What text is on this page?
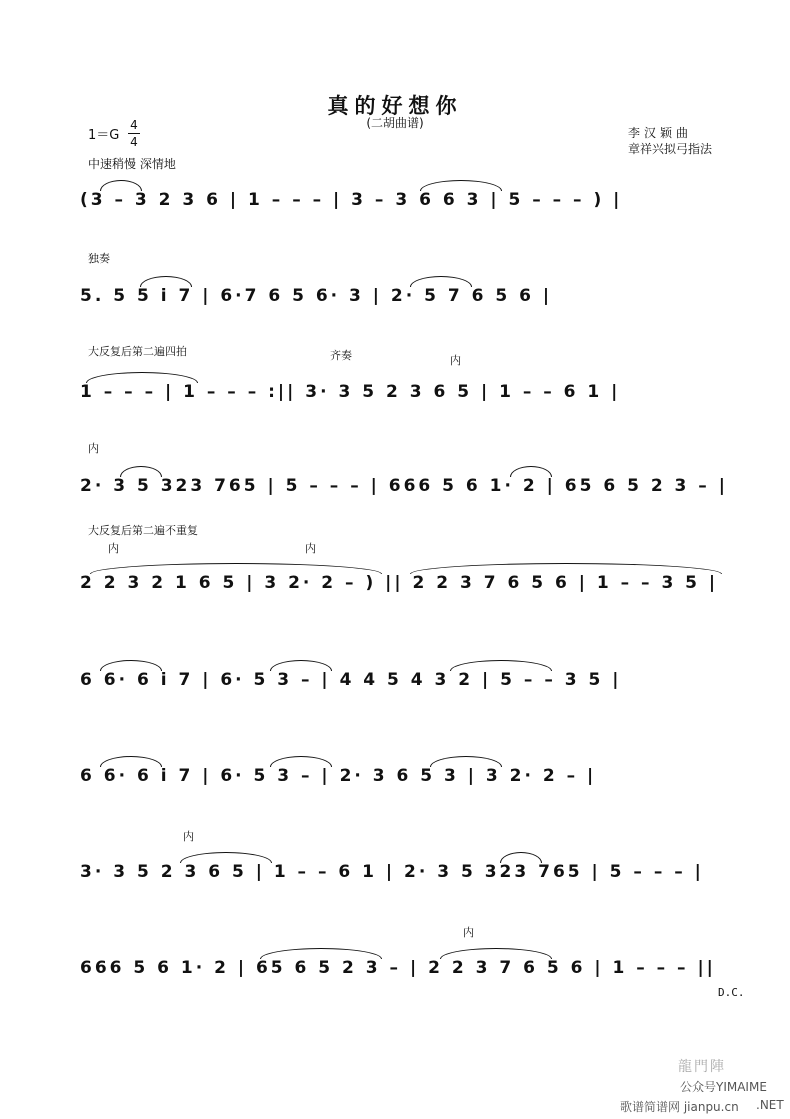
真的好想你
(二胡曲谱)
1＝G
4
4
李汉颖曲
章祥兴拟弓指法
中速稍慢 深情地
独奏
大反复后第二遍四拍	齐奏	内
内
大反复后第二遍不重复
内	内
内
内
(3 – 3 2 3 6 | 1 – – – | 3 – 3 6 6 3 | 5 – – – ) |
5. 5 5 i 7 | 6·7 6 5 6· 3 | 2· 5 7 6 5 6 |
1 – – – | 1 – – – :|| 3· 3 5 2 3 6 5 | 1 – – 6 1 |
2· 3 5 323 765 | 5 – – – | 666 5 6 1· 2 | 65 6 5 2 3 – |
2 2 3 2 1 6 5 | 3 2· 2 – ) || 2 2 3 7 6 5 6 | 1 – – 3 5 |
6 6· 6 i 7 | 6· 5 3 – | 4 4 5 4 3 2 | 5 – – 3 5 |
6 6· 6 i 7 | 6· 5 3 – | 2· 3 6 5 3 | 3 2· 2 – |
3· 3 5 2 3 6 5 | 1 – – 6 1 | 2· 3 5 323 765 | 5 – – – |
666 5 6 1· 2 | 65 6 5 2 3 – | 2 2 3 7 6 5 6 | 1 – – – ||
D.C.
龍門陣
公众号YIMAIME
歌谱简谱网 jianpu.cn .NET
